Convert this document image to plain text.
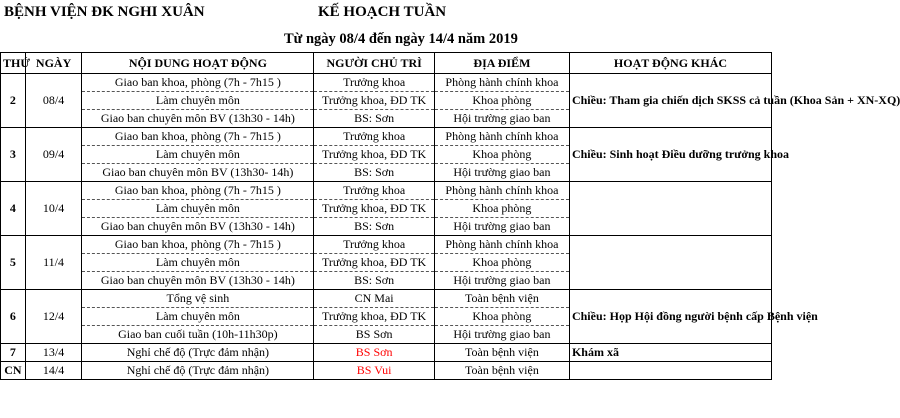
BỆNH VIỆN ĐK NGHI XUÂN	KẾ HOẠCH TUẦN
Từ ngày 08/4 đến ngày 14/4 năm 2019
THỨ	NGÀY	NỘI DUNG HOẠT ĐỘNG	NGƯỜI CHỦ TRÌ	ĐỊA ĐIỂM	HOẠT ĐỘNG KHÁC
2	08/4	Giao ban khoa, phòng (7h - 7h15 )	Trưởng khoa	Phòng hành chính khoa	Chiều: Tham gia chiến dịch SKSS cả tuần (Khoa Sản + XN-XQ)
		Làm chuyên môn	Trưởng khoa, ĐD TK	Khoa phòng	
		Giao ban chuyên môn BV (13h30 - 14h)	BS: Sơn	Hội trường giao ban	
3	09/4	Giao ban khoa, phòng (7h - 7h15 )	Trưởng khoa	Phòng hành chính khoa	Chiều: Sinh hoạt Điều dưỡng trưởng khoa
		Làm chuyên môn	Trưởng khoa, ĐD TK	Khoa phòng	
		Giao ban chuyên môn BV (13h30- 14h)	BS: Sơn	Hội trường giao ban	
4	10/4	Giao ban khoa, phòng (7h - 7h15 )	Trưởng khoa	Phòng hành chính khoa	
		Làm chuyên môn	Trưởng khoa, ĐD TK	Khoa phòng	
		Giao ban chuyên môn BV (13h30 - 14h)	BS: Sơn	Hội trường giao ban	
5	11/4	Giao ban khoa, phòng (7h - 7h15 )	Trưởng khoa	Phòng hành chính khoa	
		Làm chuyên môn	Trưởng khoa, ĐD TK	Khoa phòng	
		Giao ban chuyên môn BV (13h30 - 14h)	BS: Sơn	Hội trường giao ban	
6	12/4	Tổng vệ sinh	CN Mai	Toàn bệnh viện	Chiều: Họp Hội đồng người bệnh cấp Bệnh viện
		Làm chuyên môn	Trưởng khoa, ĐD TK	Khoa phòng	
		Giao ban cuối tuần (10h-11h30p)	BS Sơn	Hội trường giao ban	
7	13/4	Nghỉ chế độ (Trực đảm nhận)	BS Sơn	Toàn bệnh viện	Khám xã
CN	14/4	Nghỉ chế độ (Trực đảm nhận)	BS Vui	Toàn bệnh viện	
